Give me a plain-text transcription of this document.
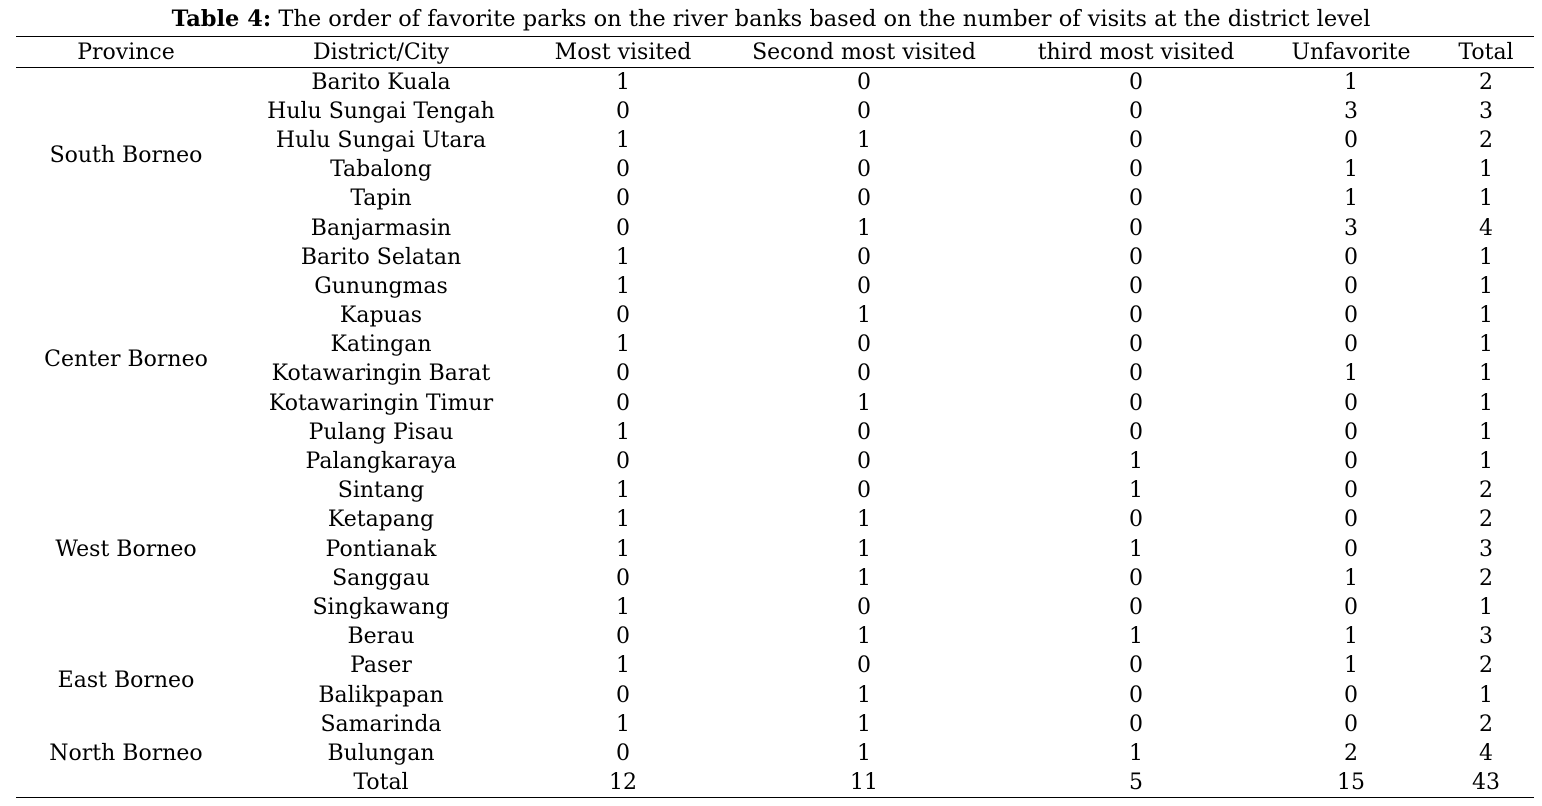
Table 4: The order of favorite parks on the river banks based on the number of visits at the district level
Province	District/City	Most visited	Second most visited	third most visited	Unfavorite	Total
South Borneo	Barito Kuala	1	0	0	1	2
	Hulu Sungai Tengah	0	0	0	3	3
	Hulu Sungai Utara	1	1	0	0	2
	Tabalong	0	0	0	1	1
	Tapin	0	0	0	1	1
	Banjarmasin	0	1	0	3	4
Center Borneo	Barito Selatan	1	0	0	0	1
	Gunungmas	1	0	0	0	1
	Kapuas	0	1	0	0	1
	Katingan	1	0	0	0	1
	Kotawaringin Barat	0	0	0	1	1
	Kotawaringin Timur	0	1	0	0	1
	Pulang Pisau	1	0	0	0	1
	Palangkaraya	0	0	1	0	1
West Borneo	Sintang	1	0	1	0	2
	Ketapang	1	1	0	0	2
	Pontianak	1	1	1	0	3
	Sanggau	0	1	0	1	2
	Singkawang	1	0	0	0	1
East Borneo	Berau	0	1	1	1	3
	Paser	1	0	0	1	2
	Balikpapan	0	1	0	0	1
	Samarinda	1	1	0	0	2
North Borneo	Bulungan	0	1	1	2	4
	Total	12	11	5	15	43
